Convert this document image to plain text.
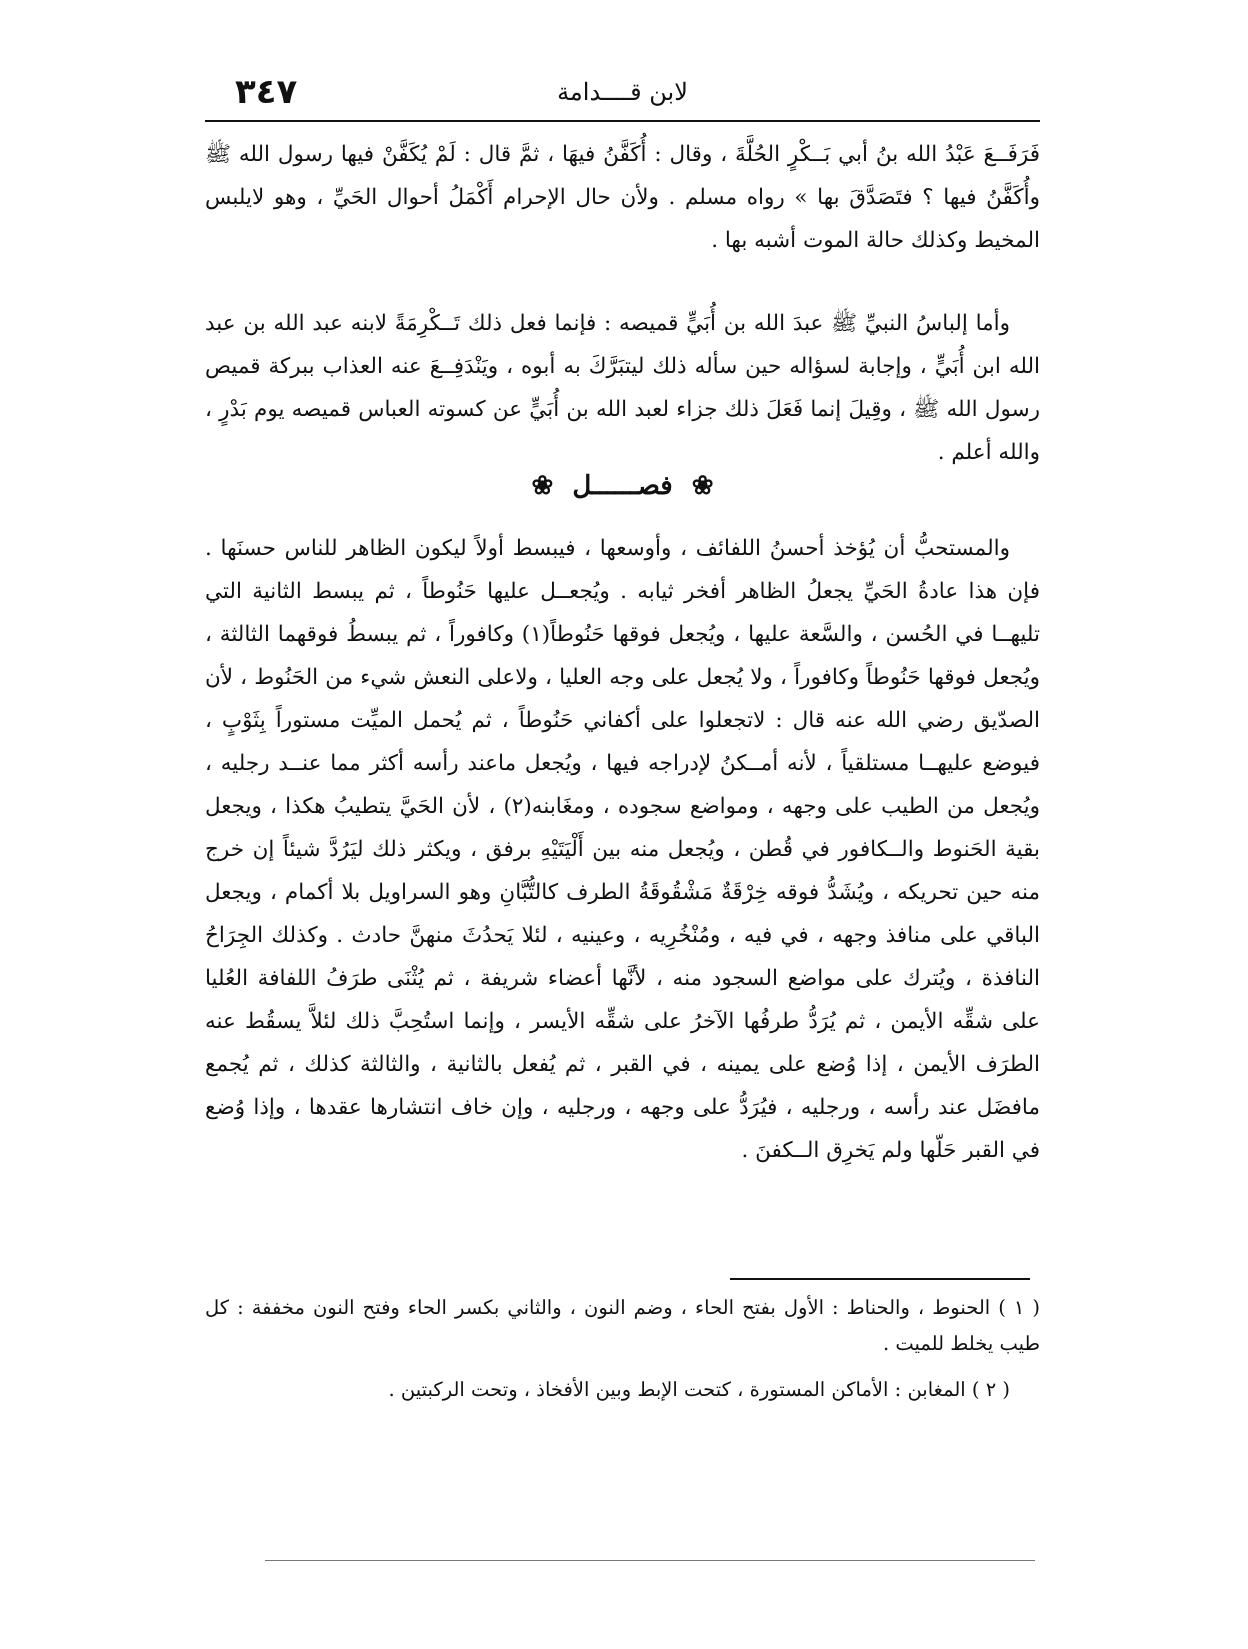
٣٤٧	لابن قــــدامة

فَرَفَــعَ عَبْدُ الله بنُ أبي بَــكْرٍ الحُلَّةَ ، وقال : أُكَفَّنُ فيهَا ، ثمَّ قال : لَمْ يُكَفَّنْ فيها رسول الله ﷺ وأُكَفَّنُ فيها ؟ فتَصَدَّقَ بها » رواه مسلم . ولأن حال الإحرام أَكْمَلُ أحوال الحَيِّ ، وهو لايلبس المخيط وكذلك حالة الموت أشبه بها .

وأما إلباسُ النبيِّ ﷺ عبدَ الله بن أُبَيٍّ قميصه : فإنما فعل ذلك تَــكْرِمَةً لابنه عبد الله بن عبد الله ابن أُبَيٍّ ، وإجابة لسؤاله حين سأله ذلك ليتبَرَّكَ به أبوه ، ويَنْدَفِــعَ عنه العذاب ببركة قميص رسول الله ﷺ ، وقِيلَ إنما فَعَلَ ذلك جزاء لعبد الله بن أُبَيٍّ عن كسوته العباس قميصه يوم بَدْرٍ ، والله أعلم .

❀ فصــــــل ❀

والمستحبُّ أن يُؤخذ أحسنُ اللفائف ، وأوسعها ، فيبسط أولاً ليكون الظاهر للناس حسنَها . فإن هذا عادةُ الحَيِّ يجعلُ الظاهر أفخر ثيابه . ويُجعــل عليها حَنُوطاً ، ثم يبسط الثانية التي تليهــا في الحُسن ، والسَّعة عليها ، ويُجعل فوقها حَنُوطاً(١) وكافوراً ، ثم يبسطُ فوقهما الثالثة ، ويُجعل فوقها حَنُوطاً وكافوراً ، ولا يُجعل على وجه العليا ، ولاعلى النعش شيء من الحَنُوط ، لأن الصدّيق رضي الله عنه قال : لاتجعلوا على أكفاني حَنُوطاً ، ثم يُحمل الميِّت مستوراً بِثَوْبٍ ، فيوضع عليهــا مستلقياً ، لأنه أمــكنُ لإدراجه فيها ، ويُجعل ماعند رأسه أكثر مما عنــد رجليه ، ويُجعل من الطيب على وجهه ، ومواضع سجوده ، ومغَابنه(٢) ، لأن الحَيَّ يتطيبُ هكذا ، ويجعل بقية الحَنوط والــكافور في قُطن ، ويُجعل منه بين أَلْيَتَيْهِ برفق ، ويكثر ذلك ليَرُدَّ شيئاً إن خرج منه حين تحريكه ، ويُشَدُّ فوقه خِرْقَةٌ مَشْقُوقَةُ الطرف كالتُّبَّانِ وهو السراويل بلا أكمام ، ويجعل الباقي على منافذ وجهه ، في فيه ، ومُنْخُرِيه ، وعينيه ، لئلا يَحدُثَ منهنَّ حادث . وكذلك الجِرَاحُ النافذة ، ويُترك على مواضع السجود منه ، لأنَّها أعضاء شريفة ، ثم يُثْنَى طرَفُ اللفافة العُليا على شقِّه الأيمن ، ثم يُرَدُّ طرفُها الآخرُ على شقِّه الأيسر ، وإنما استُحِبَّ ذلك لئلاَّ يسقُط عنه الطرَف الأيمن ، إذا وُضع على يمينه ، في القبر ، ثم يُفعل بالثانية ، والثالثة كذلك ، ثم يُجمع مافضَل عند رأسه ، ورجليه ، فيُرَدُّ على وجهه ، ورجليه ، وإن خاف انتشارها عقدها ، وإذا وُضع في القبر حَلّها ولم يَخرِق الــكفنَ .

( ١ ) الحنوط ، والحناط : الأول بفتح الحاء ، وضم النون ، والثاني بكسر الحاء وفتح النون مخففة : كل طيب يخلط للميت .

( ٢ ) المغابن : الأماكن المستورة ، كتحت الإبط وبين الأفخاذ ، وتحت الركبتين .
